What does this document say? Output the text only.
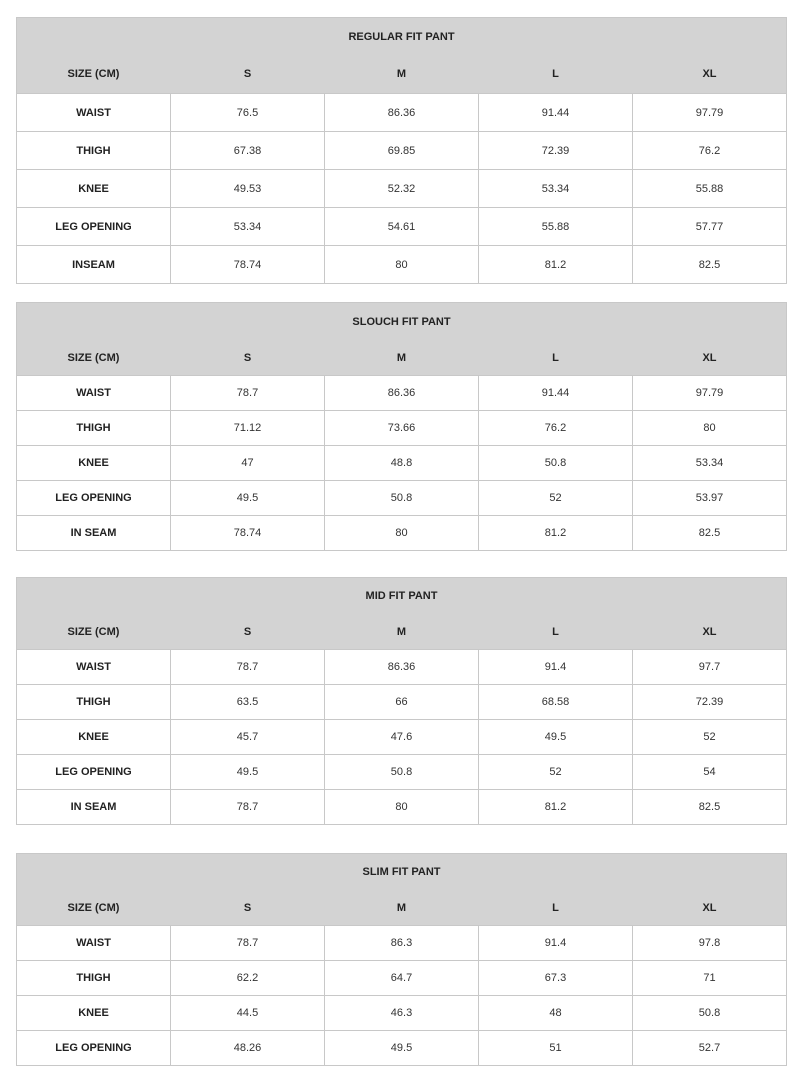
REGULAR FIT PANT				
SIZE (CM)	S	M	L	XL
WAIST	76.5	86.36	91.44	97.79
THIGH	67.38	69.85	72.39	76.2
KNEE	49.53	52.32	53.34	55.88
LEG OPENING	53.34	54.61	55.88	57.77
INSEAM	78.74	80	81.2	82.5
SLOUCH FIT PANT				
SIZE (CM)	S	M	L	XL
WAIST	78.7	86.36	91.44	97.79
THIGH	71.12	73.66	76.2	80
KNEE	47	48.8	50.8	53.34
LEG OPENING	49.5	50.8	52	53.97
IN SEAM	78.74	80	81.2	82.5
MID FIT PANT				
SIZE (CM)	S	M	L	XL
WAIST	78.7	86.36	91.4	97.7
THIGH	63.5	66	68.58	72.39
KNEE	45.7	47.6	49.5	52
LEG OPENING	49.5	50.8	52	54
IN SEAM	78.7	80	81.2	82.5
SLIM FIT PANT				
SIZE (CM)	S	M	L	XL
WAIST	78.7	86.3	91.4	97.8
THIGH	62.2	64.7	67.3	71
KNEE	44.5	46.3	48	50.8
LEG OPENING	48.26	49.5	51	52.7
